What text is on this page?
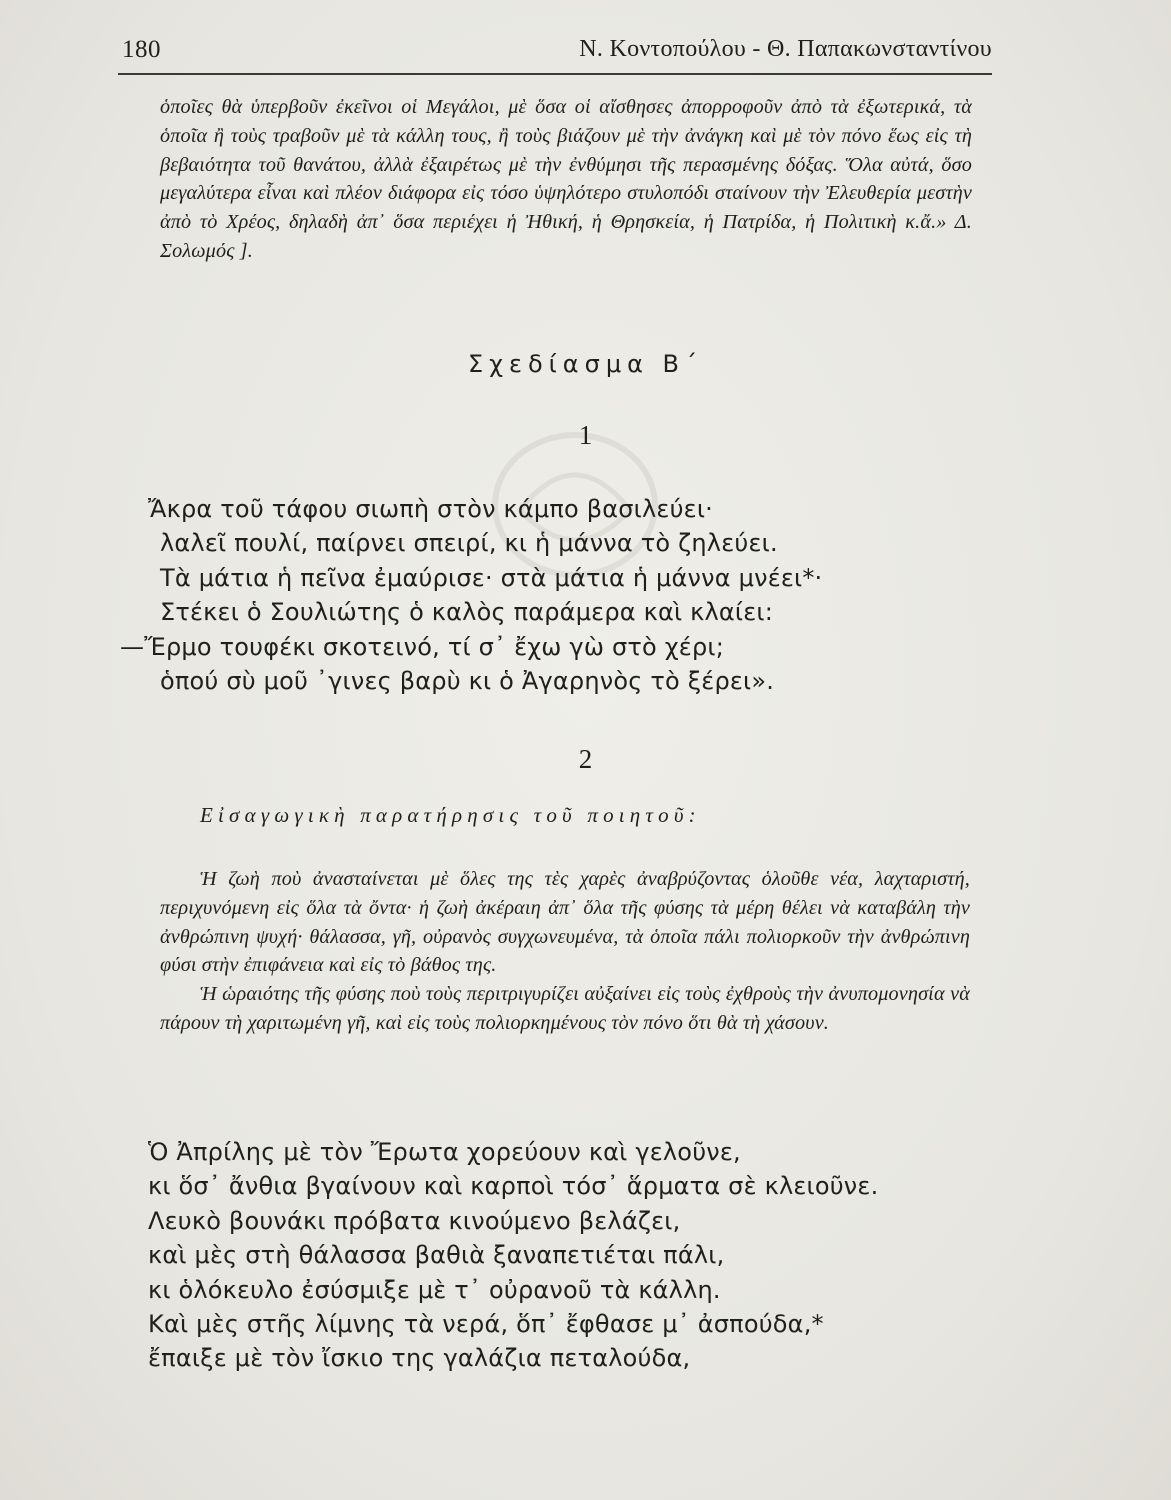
180	Ν. Κοντοπούλου - Θ. Παπακωνσταντίνου

ὁποῖες θὰ ὑπερβοῦν ἐκεῖνοι οἱ Μεγάλοι, μὲ ὅσα οἱ αἴσθησες ἀπορροφοῦν ἀπὸ τὰ ἐξωτερικά, τὰ ὁποῖα ἢ τοὺς τραβοῦν μὲ τὰ κάλλη τους, ἢ τοὺς βιάζουν μὲ τὴν ἀνάγκη καὶ μὲ τὸν πόνο ἕως εἰς τὴ βεβαιότητα τοῦ θανάτου, ἀλλὰ ἐξαιρέτως μὲ τὴν ἐνθύμησι τῆς περασμένης δόξας. Ὅλα αὐτά, ὅσο μεγαλύτερα εἶναι καὶ πλέον διάφορα εἰς τόσο ὑψηλότερο στυλοπόδι σταίνουν τὴν Ἐλευθερία μεστὴν ἀπὸ τὸ Χρέος, δηλαδὴ ἀπ᾿ ὅσα περιέχει ἡ Ἠθική, ἡ Θρησκεία, ἡ Πατρίδα, ἡ Πολιτικὴ κ.ἄ.» Δ. Σολωμός ].

Σχεδίασμα Β΄
1
Ἄκρα τοῦ τάφου σιωπὴ στὸν κάμπο βασιλεύει·
λαλεῖ πουλί, παίρνει σπειρί, κι ἡ μάννα τὸ ζηλεύει.
Τὰ μάτια ἡ πεῖνα ἐμαύρισε· στὰ μάτια ἡ μάννα μνέει*·
Στέκει ὁ Σουλιώτης ὁ καλὸς παράμερα καὶ κλαίει:
—Ἔρμο τουφέκι σκοτεινό, τί σ᾿ ἔχω γὼ στὸ χέρι;
ὁπού σὺ μοῦ ᾿γινες βαρὺ κι ὁ Ἀγαρηνὸς τὸ ξέρει».
2
Εἰσαγωγικὴ παρατήρησις τοῦ ποιητοῦ:

Ἡ ζωὴ ποὺ ἀνασταίνεται μὲ ὅλες της τὲς χαρὲς ἀναβρύζοντας ὁλοῦθε νέα, λαχταριστή, περιχυνόμενη εἰς ὅλα τὰ ὄντα· ἡ ζωὴ ἀκέραιη ἀπ᾿ ὅλα τῆς φύσης τὰ μέρη θέλει νὰ καταβάλη τὴν ἀνθρώπινη ψυχή· θάλασσα, γῆ, οὐρανὸς συγχωνευμένα, τὰ ὁποῖα πάλι πολιορκοῦν τὴν ἀνθρώπινη φύσι στὴν ἐπιφάνεια καὶ εἰς τὸ βάθος της.

Ἡ ὡραιότης τῆς φύσης ποὺ τοὺς περιτριγυρίζει αὐξαίνει εἰς τοὺς ἐχθροὺς τὴν ἀνυπομονησία νὰ πάρουν τὴ χαριτωμένη γῆ, καὶ εἰς τοὺς πολιορκημένους τὸν πόνο ὅτι θὰ τὴ χάσουν.

Ὁ Ἀπρίλης μὲ τὸν Ἔρωτα χορεύουν καὶ γελοῦνε,
κι ὅσ᾿ ἄνθια βγαίνουν καὶ καρποὶ τόσ᾿ ἅρματα σὲ κλειοῦνε.
Λευκὸ βουνάκι πρόβατα κινούμενο βελάζει,
καὶ μὲς στὴ θάλασσα βαθιὰ ξαναπετιέται πάλι,
κι ὁλόκευλο ἐσύσμιξε μὲ τ᾿ οὐρανοῦ τὰ κάλλη.
Καὶ μὲς στῆς λίμνης τὰ νερά, ὅπ᾿ ἔφθασε μ᾿ ἀσπούδα,*
ἔπαιξε μὲ τὸν ἴσκιο της γαλάζια πεταλούδα,
